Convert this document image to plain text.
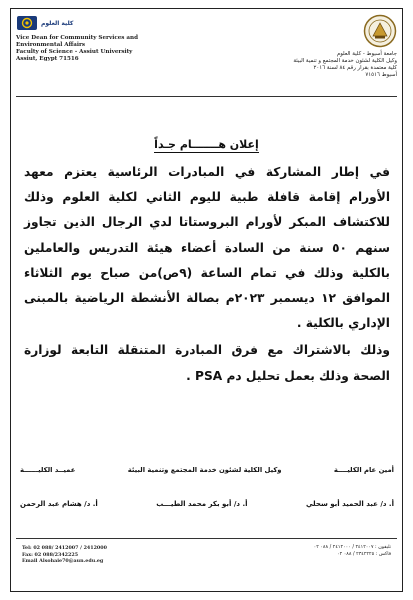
كلية العلوم
Vice Dean for Community Services and
Environmental Affairs
Faculty of Science - Assiut University
Assiut, Egypt 71516
جامعة أسيوط - كلية العلوم
وكيل الكلية لشئون خدمة المجتمع و تنمية البيئة
كلية معتمدة بقرار رقم ٨٤ لسنة ٢٠١٦
أسيوط ٧١٥١٦
إعلان هـــــــام جـداً
في إطار المشاركة في المبادرات الرئاسية يعتزم معهد الأورام إقامة قافلة طبية لليوم الثاني لكلية العلوم وذلك للاكتشاف المبكر لأورام البروستاتا لدي الرجال الذين تجاوز سنهم ٥٠ سنة من السادة أعضاء هيئة التدريس والعاملين بالكلية وذلك في تمام الساعة (٩ص)من صباح يوم الثلاثاء الموافق ١٢ ديسمبر ٢٠٢٣م بصالة الأنشطة الرياضية بالمبنى الإداري بالكلية .
وذلك بالاشتراك مع فرق المبادرة المتنقلة التابعة لوزارة الصحة وذلك بعمل تحليل دم PSA .
عميــد الكليــــــة	وكيل الكلية لشئون خدمة المجتمع وتنمية البيئة	أمين عام الكليــــة
أ. د/ هشام عبد الرحمن	أ. د/ أبو بكر محمد الطيـــب	أ. د/ عبد الحميد أبو سحلي
Tel: 02 088/ 2412007 / 2412000
Fax: 02 088/2342225
Email Alsohaie70@aun.edu.eg
تليفون : ٢٤١٢٠٠٧ / ٢٤١٢٠٠٠ / ٠٨٨ ٠٢
فاكس : ٢٣٤٢٢٢٥ / ٠٨٨ ٠٢
